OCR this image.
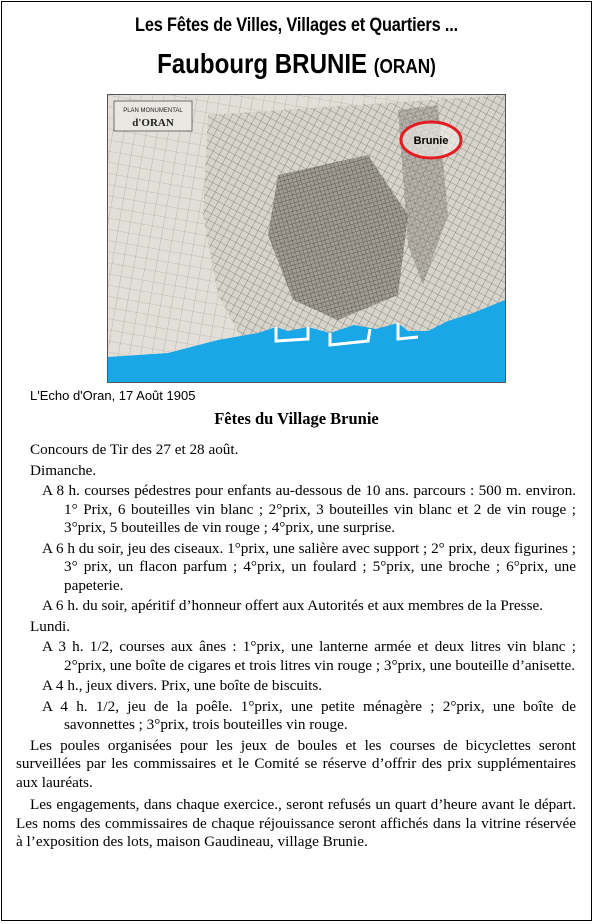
Les Fêtes de Villes, Villages et Quartiers ...
Faubourg BRUNIE (ORAN)
PLAN MONUMENTAL
d'ORAN
Brunie
L'Echo d'Oran, 17 Août 1905
Fêtes du Village Brunie

Concours de Tir des 27 et 28 août.

Dimanche.

A 8 h. courses pédestres pour enfants au-dessous de 10 ans. parcours : 500 m. environ. 1° Prix, 6 bouteilles vin blanc ; 2°prix, 3 bouteilles vin blanc et 2 de vin rouge ; 3°prix, 5 bouteilles de vin rouge ; 4°prix, une surprise.

A 6 h du soir, jeu des ciseaux. 1°prix, une salière avec support ; 2° prix, deux figurines ; 3° prix, un flacon parfum ; 4°prix, un foulard ; 5°prix, une broche ; 6°prix, une papeterie.

A 6 h. du soir, apéritif d’honneur offert aux Autorités et aux membres de la Presse.

Lundi.

A 3 h. 1/2, courses aux ânes : 1°prix, une lanterne armée et deux litres vin blanc ; 2°prix, une boîte de cigares et trois litres vin rouge ; 3°prix, une bouteille d’anisette.

A 4 h., jeux divers. Prix, une boîte de biscuits.

A 4 h. 1/2, jeu de la poêle. 1°prix, une petite ménagère ; 2°prix, une boîte de savonnettes ; 3°prix, trois bouteilles vin rouge.

Les poules organisées pour les jeux de boules et les courses de bicyclettes seront surveillées par les commissaires et le Comité se réserve d’offrir des prix supplémentaires aux lauréats.

Les engagements, dans chaque exercice., seront refusés un quart d’heure avant le départ. Les noms des commissaires de chaque réjouissance seront affichés dans la vitrine réservée à l’exposition des lots, maison Gaudineau, village Brunie.
